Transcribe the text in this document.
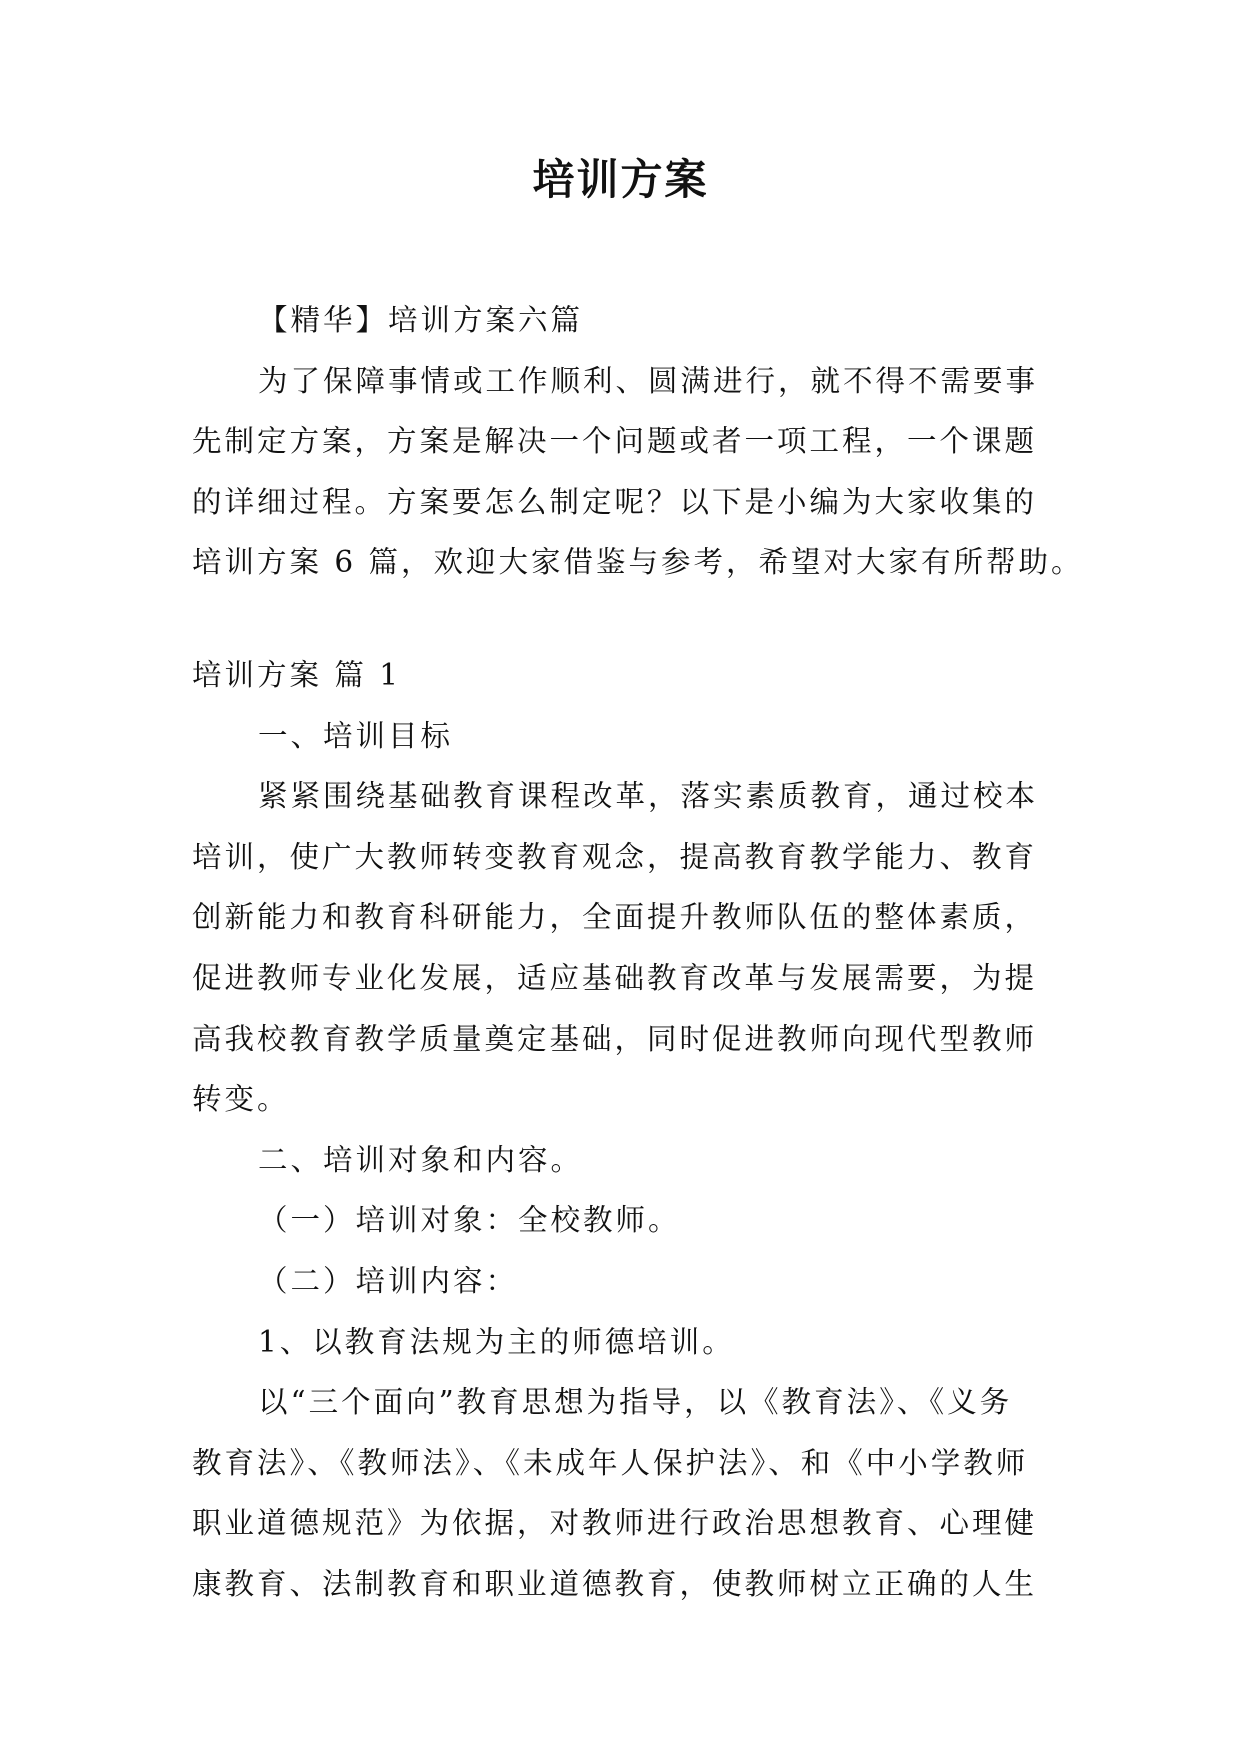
培训方案
【精华】培训方案六篇
为了保障事情或工作顺利、圆满进行，就不得不需要事
先制定方案，方案是解决一个问题或者一项工程，一个课题
的详细过程。方案要怎么制定呢？以下是小编为大家收集的
培训方案 6 篇，欢迎大家借鉴与参考，希望对大家有所帮助。
培训方案 篇 1
一、培训目标
紧紧围绕基础教育课程改革，落实素质教育，通过校本
培训，使广大教师转变教育观念，提高教育教学能力、教育
创新能力和教育科研能力，全面提升教师队伍的整体素质，
促进教师专业化发展，适应基础教育改革与发展需要，为提
高我校教育教学质量奠定基础，同时促进教师向现代型教师
转变。
二、培训对象和内容。
（一）培训对象：全校教师。
（二）培训内容：
1、以教育法规为主的师德培训。
以“三个面向”教育思想为指导，以《教育法》、《义务
教育法》、《教师法》、《未成年人保护法》、和《中小学教师
职业道德规范》为依据，对教师进行政治思想教育、心理健
康教育、法制教育和职业道德教育，使教师树立正确的人生
